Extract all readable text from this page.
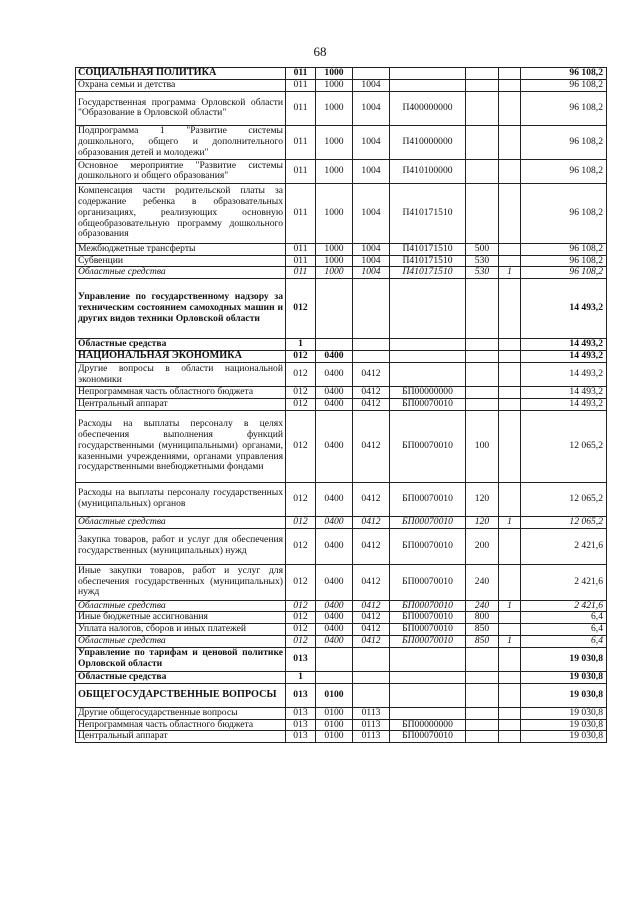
68
СОЦИАЛЬНАЯ ПОЛИТИКА	011	1000					96 108,2
Охрана семьи и детства	011	1000	1004				96 108,2
Государственная программа Орловской области "Образование в Орловской области"	011	1000	1004	П400000000			96 108,2
Подпрограмма 1 "Развитие системы дошкольного, общего и дополнительного образования детей и молодежи"	011	1000	1004	П410000000			96 108,2
Основное мероприятие "Развитие системы дошкольного и общего образования"	011	1000	1004	П410100000			96 108,2
Компенсация части родительской платы за содержание ребенка в образовательных организациях, реализующих основную общеобразовательную программу дошкольного образования	011	1000	1004	П410171510			96 108,2
Межбюджетные трансферты	011	1000	1004	П410171510	500		96 108,2
Субвенции	011	1000	1004	П410171510	530		96 108,2
Областные средства	011	1000	1004	П410171510	530	1	96 108,2
Управление по государственному надзору за техническим состоянием самоходных машин и других видов техники Орловской области	012						14 493,2
Областные средства	1						14 493,2
НАЦИОНАЛЬНАЯ ЭКОНОМИКА	012	0400					14 493,2
Другие вопросы в области национальной экономики	012	0400	0412				14 493,2
Непрограммная часть областного бюджета	012	0400	0412	БП00000000			14 493,2
Центральный аппарат	012	0400	0412	БП00070010			14 493,2
Расходы на выплаты персоналу в целях обеспечения выполнения функций государственными (муниципальными) органами, казенными учреждениями, органами управления государственными внебюджетными фондами	012	0400	0412	БП00070010	100		12 065,2
Расходы на выплаты персоналу государственных (муниципальных) органов	012	0400	0412	БП00070010	120		12 065,2
Областные средства	012	0400	0412	БП00070010	120	1	12 065,2
Закупка товаров, работ и услуг для обеспечения государственных (муниципальных) нужд	012	0400	0412	БП00070010	200		2 421,6
Иные закупки товаров, работ и услуг для обеспечения государственных (муниципальных) нужд	012	0400	0412	БП00070010	240		2 421,6
Областные средства	012	0400	0412	БП00070010	240	1	2 421,6
Иные бюджетные ассигнования	012	0400	0412	БП00070010	800		6,4
Уплата налогов, сборов и иных платежей	012	0400	0412	БП00070010	850		6,4
Областные средства	012	0400	0412	БП00070010	850	1	6,4
Управление по тарифам и ценовой политике Орловской области	013						19 030,8
Областные средства	1						19 030,8
ОБЩЕГОСУДАРСТВЕННЫЕ ВОПРОСЫ	013	0100					19 030,8
Другие общегосударственные вопросы	013	0100	0113				19 030,8
Непрограммная часть областного бюджета	013	0100	0113	БП00000000			19 030,8
Центральный аппарат	013	0100	0113	БП00070010			19 030,8
